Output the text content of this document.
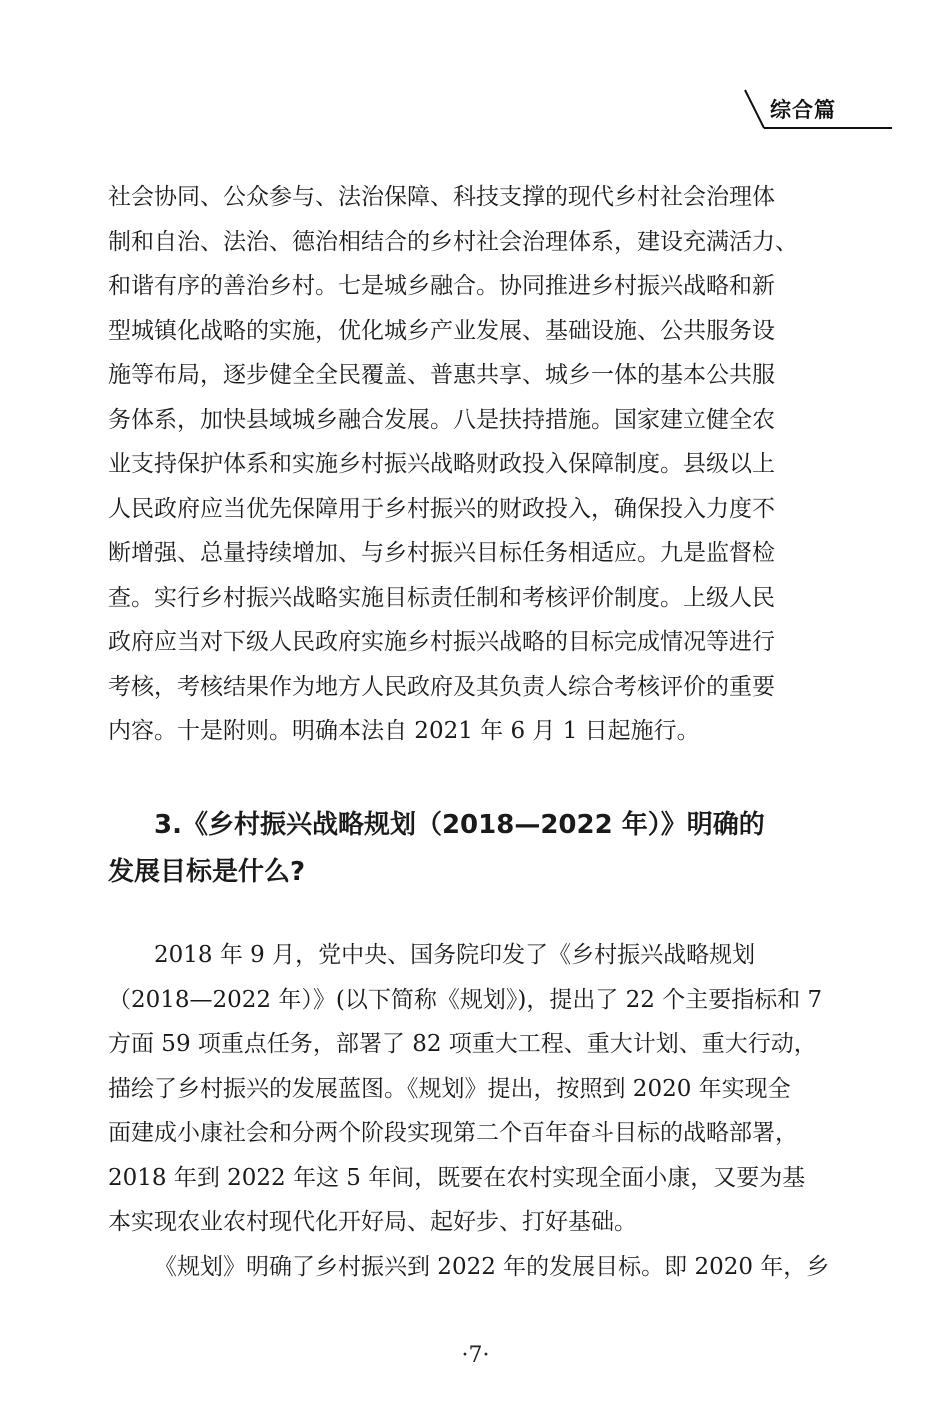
综合篇

社会协同、公众参与、法治保障、科技支撑的现代乡村社会治理体

制和自治、法治、德治相结合的乡村社会治理体系，建设充满活力、

和谐有序的善治乡村。七是城乡融合。协同推进乡村振兴战略和新

型城镇化战略的实施，优化城乡产业发展、基础设施、公共服务设

施等布局，逐步健全全民覆盖、普惠共享、城乡一体的基本公共服

务体系，加快县域城乡融合发展。八是扶持措施。国家建立健全农

业支持保护体系和实施乡村振兴战略财政投入保障制度。县级以上

人民政府应当优先保障用于乡村振兴的财政投入，确保投入力度不

断增强、总量持续增加、与乡村振兴目标任务相适应。九是监督检

查。实行乡村振兴战略实施目标责任制和考核评价制度。上级人民

政府应当对下级人民政府实施乡村振兴战略的目标完成情况等进行

考核，考核结果作为地方人民政府及其负责人综合考核评价的重要

内容。十是附则。明确本法自 2021 年 6 月 1 日起施行。

3.《乡村振兴战略规划（2018—2022 年）》明确的
发展目标是什么?

2018 年 9 月，党中央、国务院印发了《乡村振兴战略规划

（2018—2022 年）》(以下简称《规划》)，提出了 22 个主要指标和 7

方面 59 项重点任务，部署了 82 项重大工程、重大计划、重大行动，

描绘了乡村振兴的发展蓝图。《规划》提出，按照到 2020 年实现全

面建成小康社会和分两个阶段实现第二个百年奋斗目标的战略部署，

2018 年到 2022 年这 5 年间，既要在农村实现全面小康，又要为基

本实现农业农村现代化开好局、起好步、打好基础。

《规划》明确了乡村振兴到 2022 年的发展目标。即 2020 年，乡

·7·
